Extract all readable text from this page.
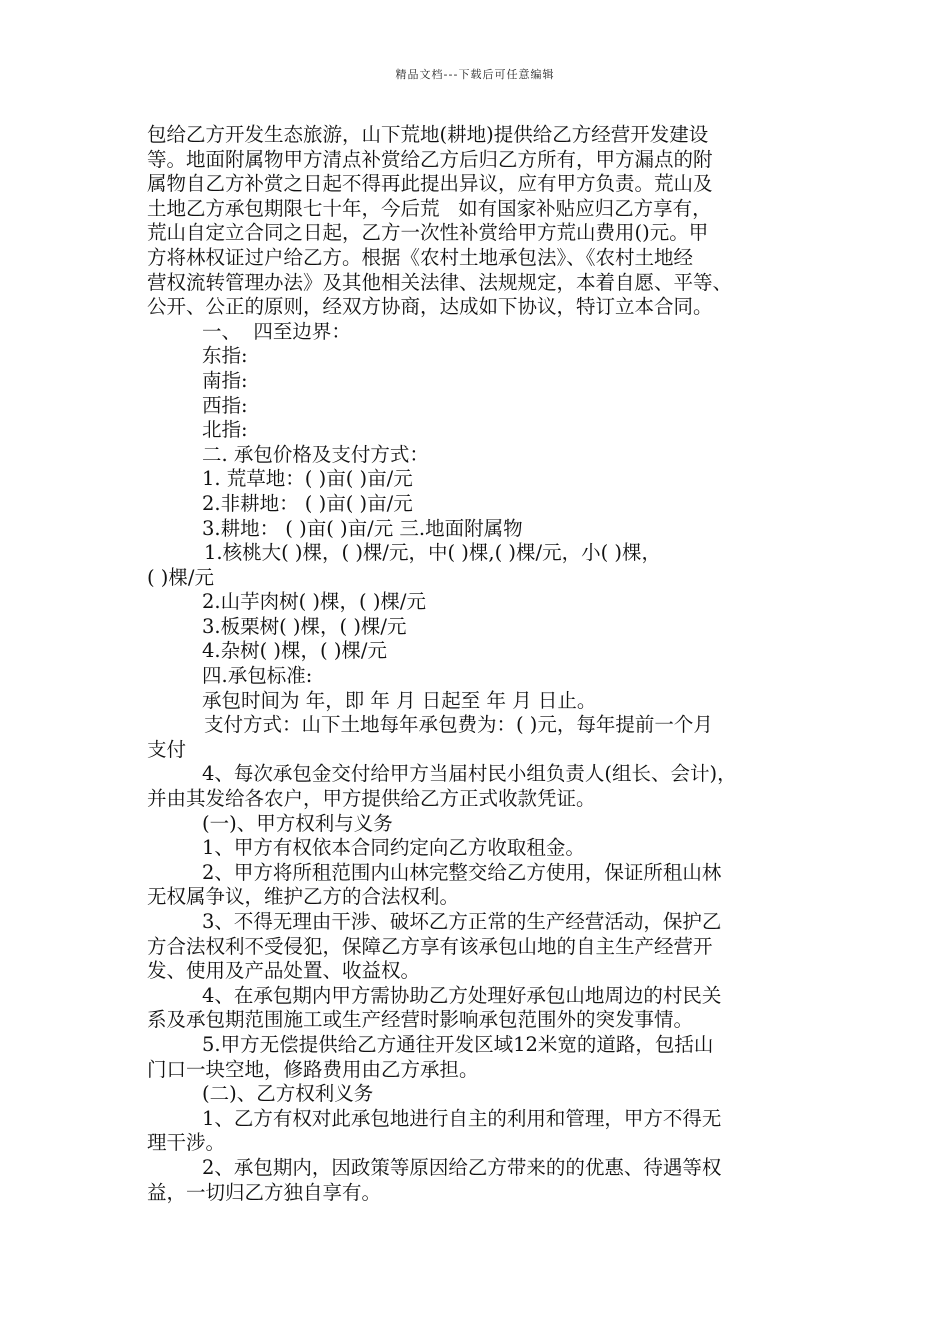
精品文档---下载后可任意编辑
包给乙方开发生态旅游，山下荒地(耕地)提供给乙方经营开发建设
等。地面附属物甲方清点补赏给乙方后归乙方所有，甲方漏点的附
属物自乙方补赏之日起不得再此提出异议，应有甲方负责。荒山及
土地乙方承包期限七十年，今后荒   如有国家补贴应归乙方享有，
荒山自定立合同之日起，乙方一次性补赏给甲方荒山费用()元。甲
方将林权证过户给乙方。根据《农村土地承包法》、《农村土地经
营权流转管理办法》及其他相关法律、法规规定，本着自愿、平等、
公开、公正的原则，经双方协商，达成如下协议，特订立本合同。
一、  四至边界：
东指:
南指:
西指:
北指:
二. 承包价格及支付方式：
1. 荒草地：( )亩( )亩/元
2.非耕地： ( )亩( )亩/元
3.耕地： ( )亩( )亩/元 三.地面附属物
1.核桃大( )棵，( )棵/元，中( )棵,( )棵/元，小( )棵，
( )棵/元
2.山芋肉树( )棵，( )棵/元
3.板栗树( )棵，( )棵/元
4.杂树( )棵，( )棵/元
四.承包标准:
承包时间为 年，即 年 月 日起至 年 月 日止。
支付方式：山下土地每年承包费为：( )元，每年提前一个月
支付
4、每次承包金交付给甲方当届村民小组负责人(组长、会计)，
并由其发给各农户，甲方提供给乙方正式收款凭证。
(一)、甲方权利与义务
1、甲方有权依本合同约定向乙方收取租金。
2、甲方将所租范围内山林完整交给乙方使用，保证所租山林
无权属争议，维护乙方的合法权利。
3、不得无理由干涉、破坏乙方正常的生产经营活动，保护乙
方合法权利不受侵犯，保障乙方享有该承包山地的自主生产经营开
发、使用及产品处置、收益权。
4、在承包期内甲方需协助乙方处理好承包山地周边的村民关
系及承包期范围施工或生产经营时影响承包范围外的突发事情。
5.甲方无偿提供给乙方通往开发区域12米宽的道路，包括山
门口一块空地，修路费用由乙方承担。
(二)、乙方权利义务
1、乙方有权对此承包地进行自主的利用和管理，甲方不得无
理干涉。
2、承包期内，因政策等原因给乙方带来的的优惠、待遇等权
益，一切归乙方独自享有。
